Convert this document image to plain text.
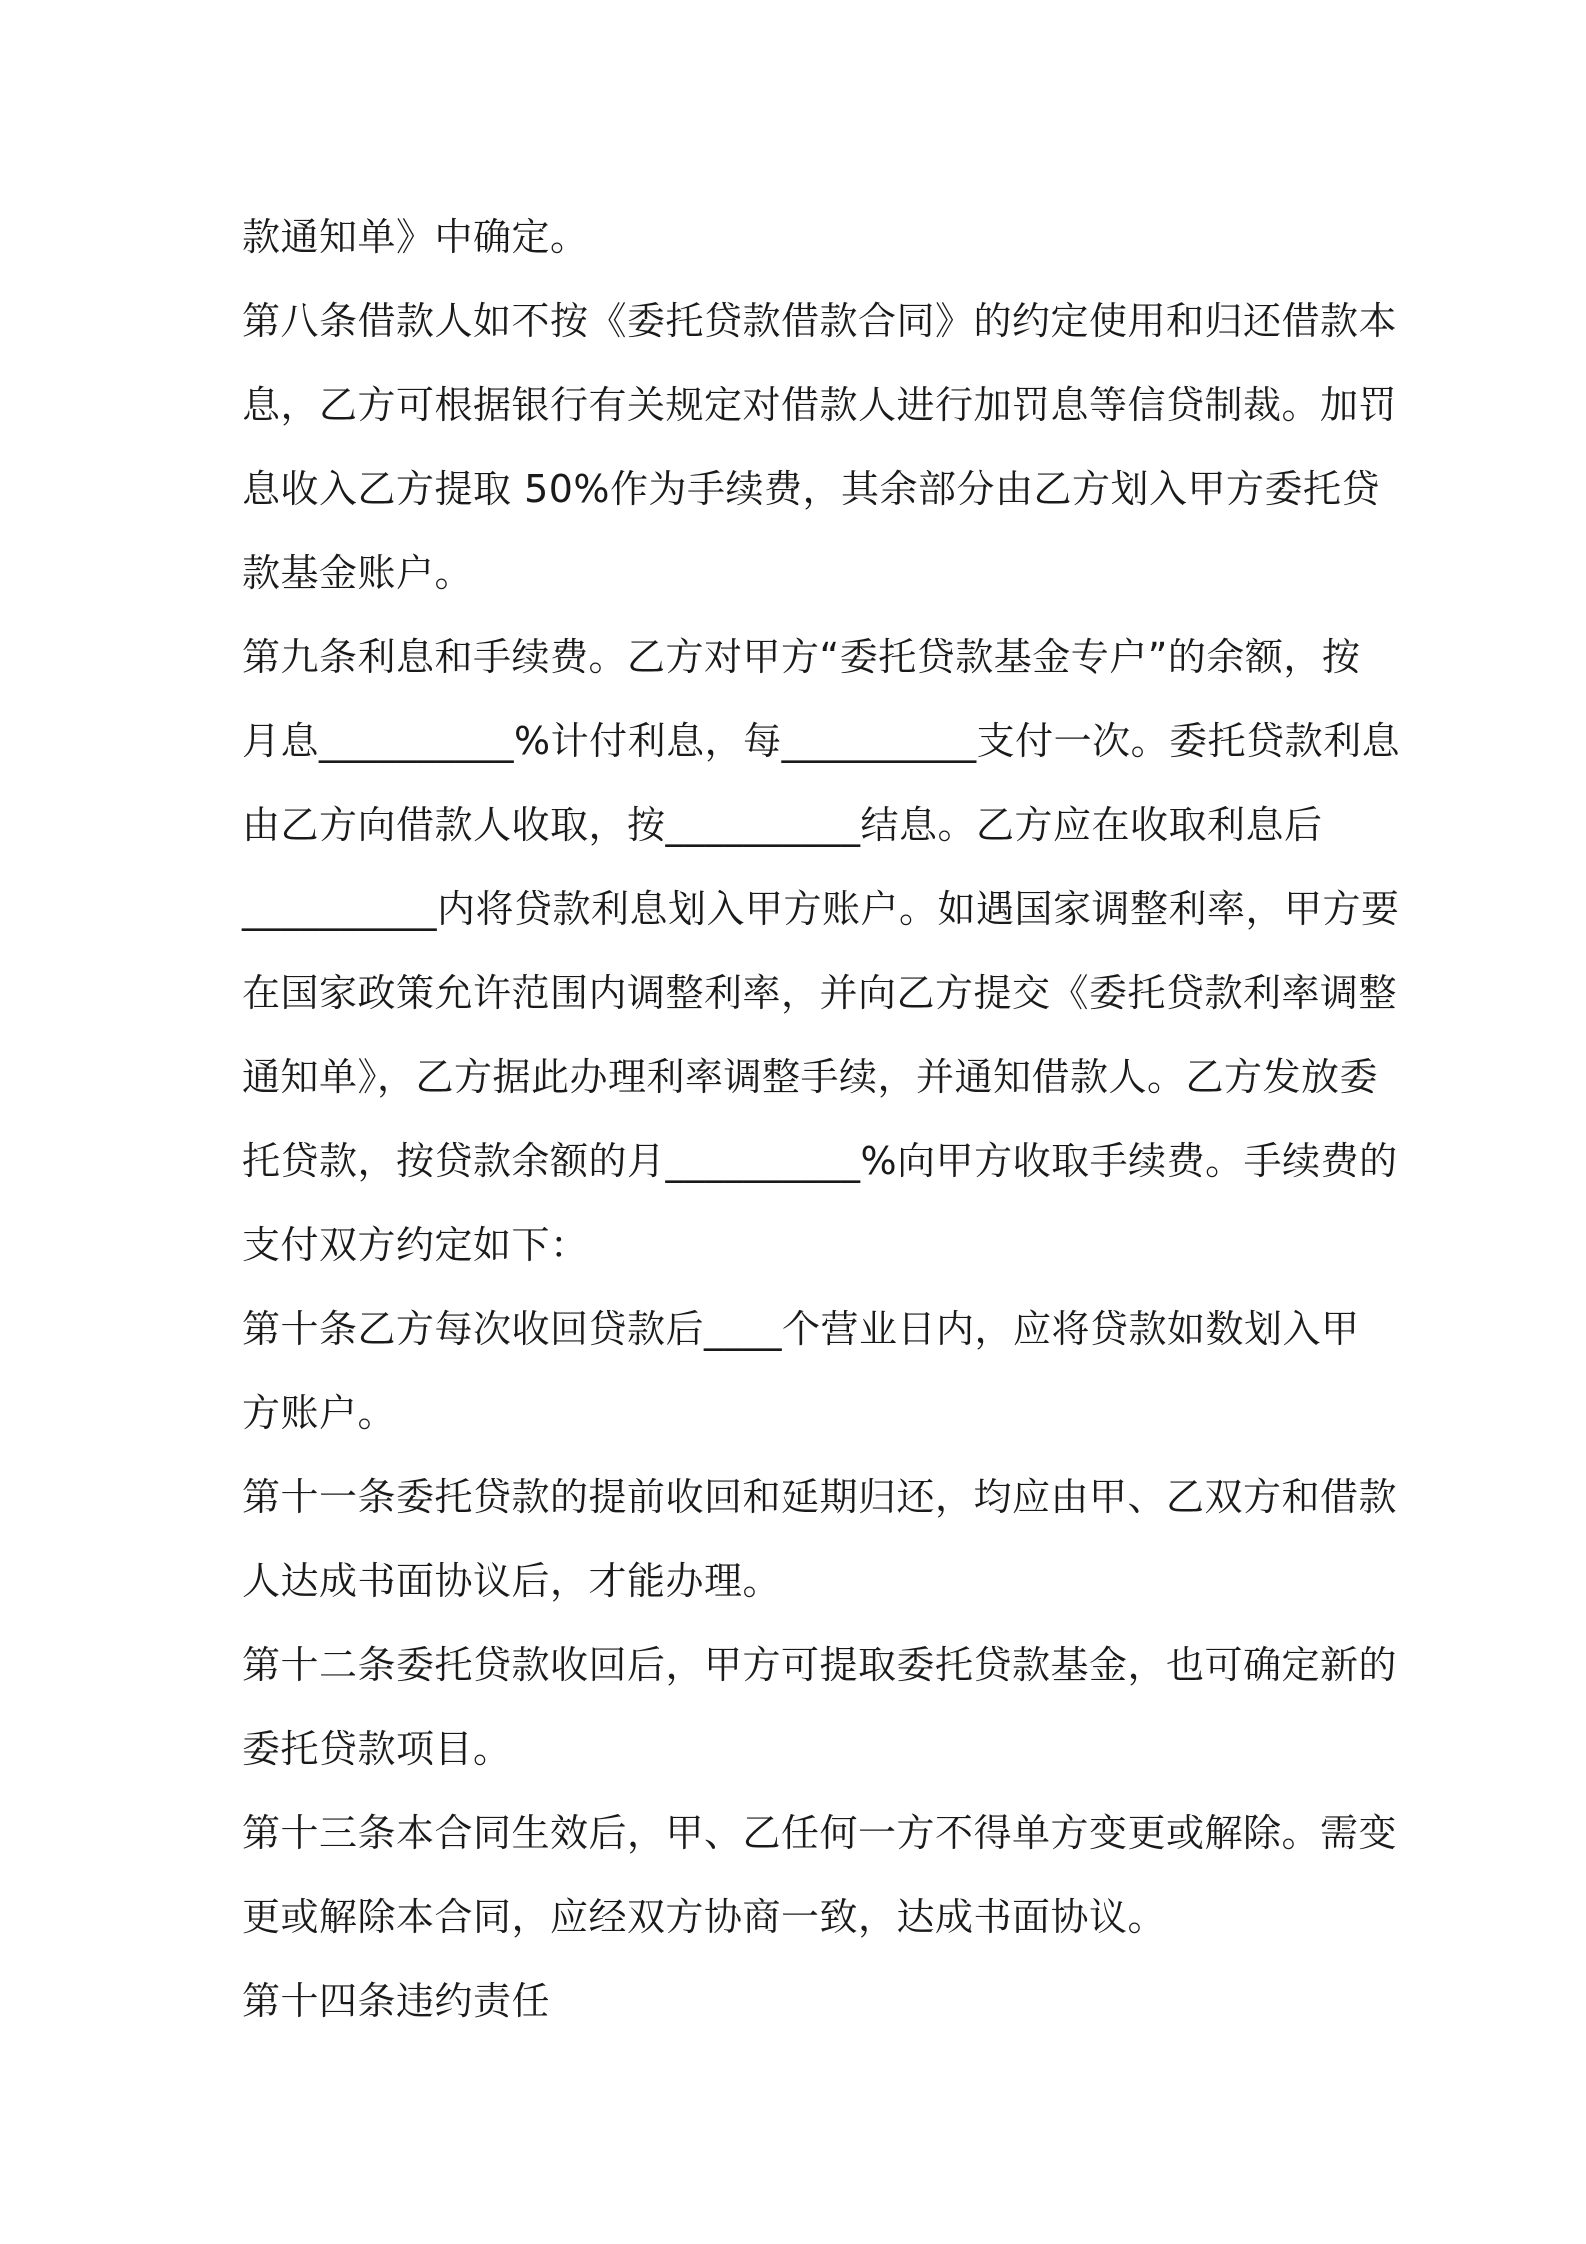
款通知单》中确定。
第八条借款人如不按《委托贷款借款合同》的约定使用和归还借款本
息，乙方可根据银行有关规定对借款人进行加罚息等信贷制裁。加罚
息收入乙方提取 50%作为手续费，其余部分由乙方划入甲方委托贷
款基金账户。
第九条利息和手续费。乙方对甲方“委托贷款基金专户”的余额，按
月息__________%计付利息，每__________支付一次。委托贷款利息
由乙方向借款人收取，按__________结息。乙方应在收取利息后
__________内将贷款利息划入甲方账户。如遇国家调整利率，甲方要
在国家政策允许范围内调整利率，并向乙方提交《委托贷款利率调整
通知单》，乙方据此办理利率调整手续，并通知借款人。乙方发放委
托贷款，按贷款余额的月__________%向甲方收取手续费。手续费的
支付双方约定如下：
第十条乙方每次收回贷款后____个营业日内，应将贷款如数划入甲
方账户。
第十一条委托贷款的提前收回和延期归还，均应由甲、乙双方和借款
人达成书面协议后，才能办理。
第十二条委托贷款收回后，甲方可提取委托贷款基金，也可确定新的
委托贷款项目。
第十三条本合同生效后，甲、乙任何一方不得单方变更或解除。需变
更或解除本合同，应经双方协商一致，达成书面协议。
第十四条违约责任
